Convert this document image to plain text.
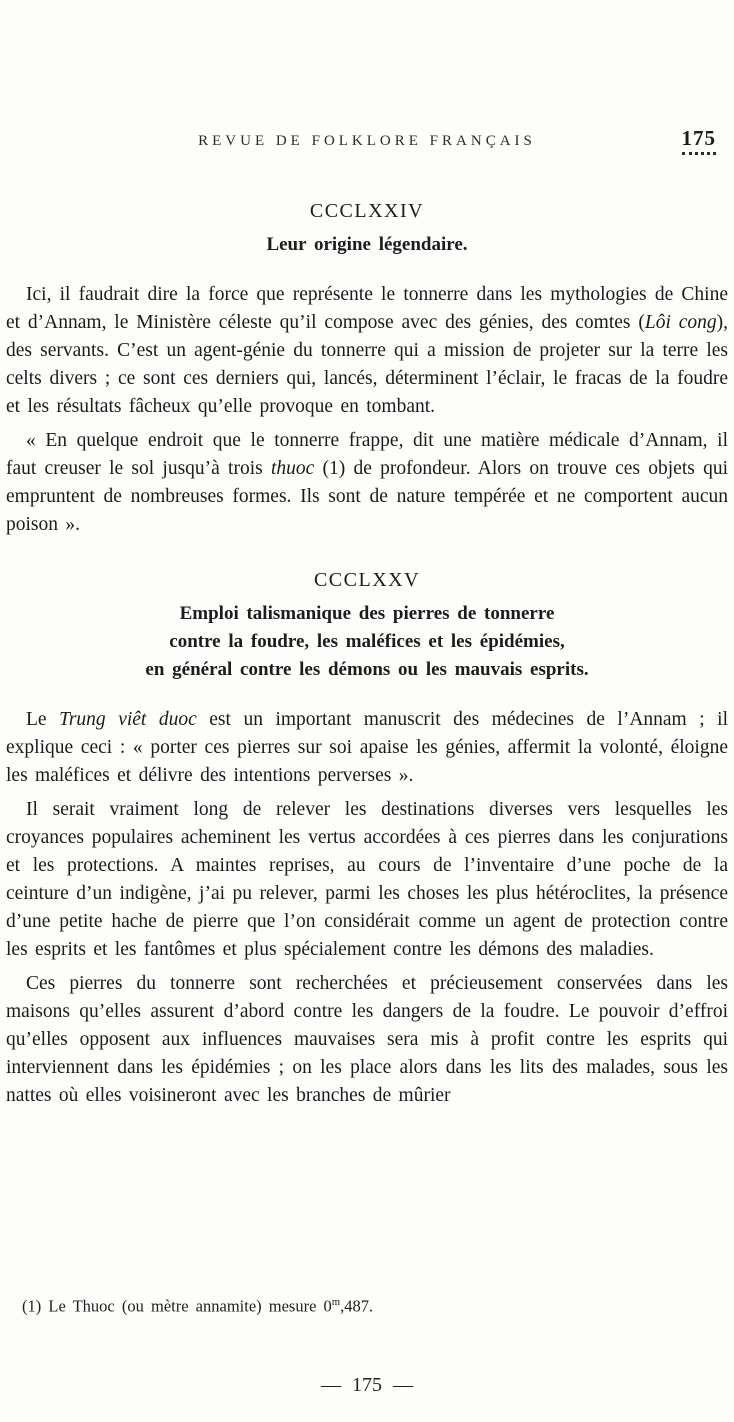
REVUE DE FOLKLORE FRANÇAIS	175
CCCLXXIV
Leur origine légendaire.

Ici, il faudrait dire la force que représente le tonnerre dans les mythologies de Chine et d’Annam, le Ministère céleste qu’il compose avec des génies, des comtes (Lôi cong), des servants. C’est un agent-génie du tonnerre qui a mission de projeter sur la terre les celts divers ; ce sont ces derniers qui, lancés, déterminent l’éclair, le fracas de la foudre et les résultats fâcheux qu’elle provoque en tombant.

« En quelque endroit que le tonnerre frappe, dit une matière médicale d’Annam, il faut creuser le sol jusqu’à trois thuoc (1) de profondeur. Alors on trouve ces objets qui empruntent de nombreuses formes. Ils sont de nature tempérée et ne comportent aucun poison ».

CCCLXXV
Emploi talismanique des pierres de tonnerre
contre la foudre, les maléfices et les épidémies,
en général contre les démons ou les mauvais esprits.

Le Trung viêt duoc est un important manuscrit des médecines de l’Annam ; il explique ceci : « porter ces pierres sur soi apaise les génies, affermit la volonté, éloigne les maléfices et délivre des intentions perverses ».

Il serait vraiment long de relever les destinations diverses vers lesquelles les croyances populaires acheminent les vertus accordées à ces pierres dans les conjurations et les protections. A maintes reprises, au cours de l’inventaire d’une poche de la ceinture d’un indigène, j’ai pu relever, parmi les choses les plus hétéroclites, la présence d’une petite hache de pierre que l’on considérait comme un agent de protection contre les esprits et les fantômes et plus spécialement contre les démons des maladies.

Ces pierres du tonnerre sont recherchées et précieusement conservées dans les maisons qu’elles assurent d’abord contre les dangers de la foudre. Le pouvoir d’effroi qu’elles opposent aux influences mauvaises sera mis à profit contre les esprits qui interviennent dans les épidémies ; on les place alors dans les lits des malades, sous les nattes où elles voisineront avec les branches de mûrier

(1) Le Thuoc (ou mètre annamite) mesure 0$^m$,487.
— 175 —
